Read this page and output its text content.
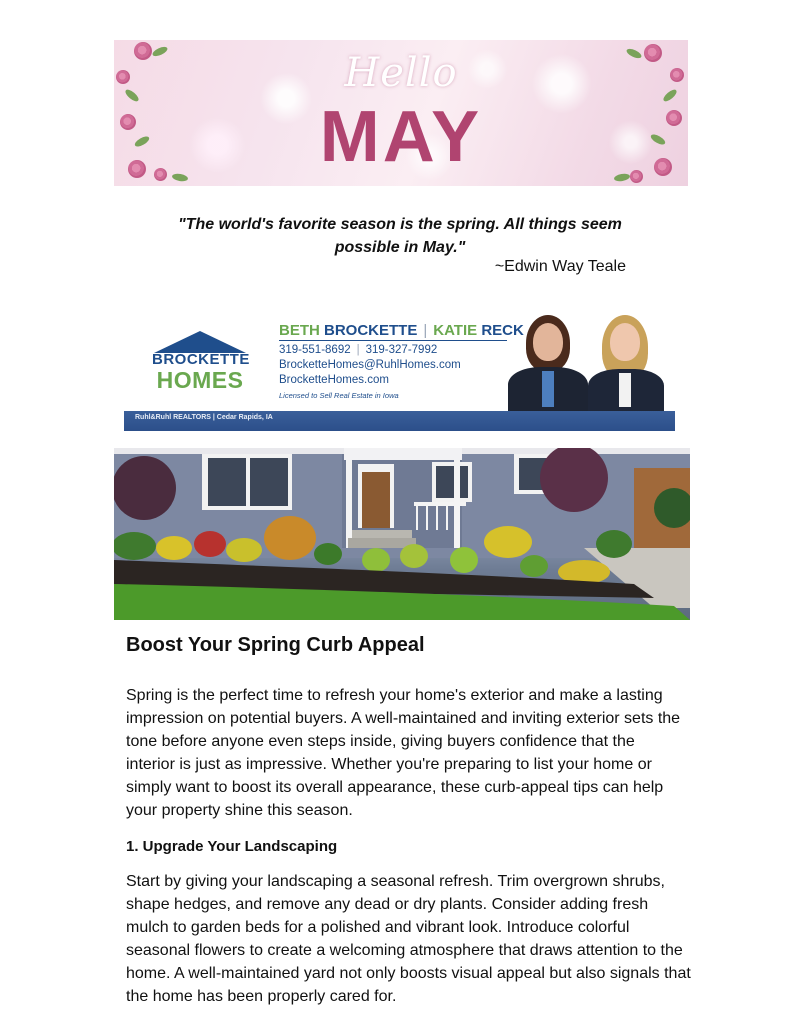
Hello
MAY
"The world's favorite season is the spring. All things seem possible in May."
~Edwin Way Teale
BROCKETTE
HOMES
BETH BROCKETTE | KATIE RECK
319-551-8692 | 319-327-7992
BrocketteHomes@RuhlHomes.com
BrocketteHomes.com
Licensed to Sell Real Estate in Iowa
Ruhl&Ruhl REALTORS | Cedar Rapids, IA
Boost Your Spring Curb Appeal
Spring is the perfect time to refresh your home's exterior and make a lasting impression on potential buyers. A well-maintained and inviting exterior sets the tone before anyone even steps inside, giving buyers confidence that the interior is just as impressive. Whether you're preparing to list your home or simply want to boost its overall appearance, these curb-appeal tips can help your property shine this season.
1. Upgrade Your Landscaping
Start by giving your landscaping a seasonal refresh. Trim overgrown shrubs, shape hedges, and remove any dead or dry plants. Consider adding fresh mulch to garden beds for a polished and vibrant look. Introduce colorful seasonal flowers to create a welcoming atmosphere that draws attention to the home. A well-maintained yard not only boosts visual appeal but also signals that the home has been properly cared for.
